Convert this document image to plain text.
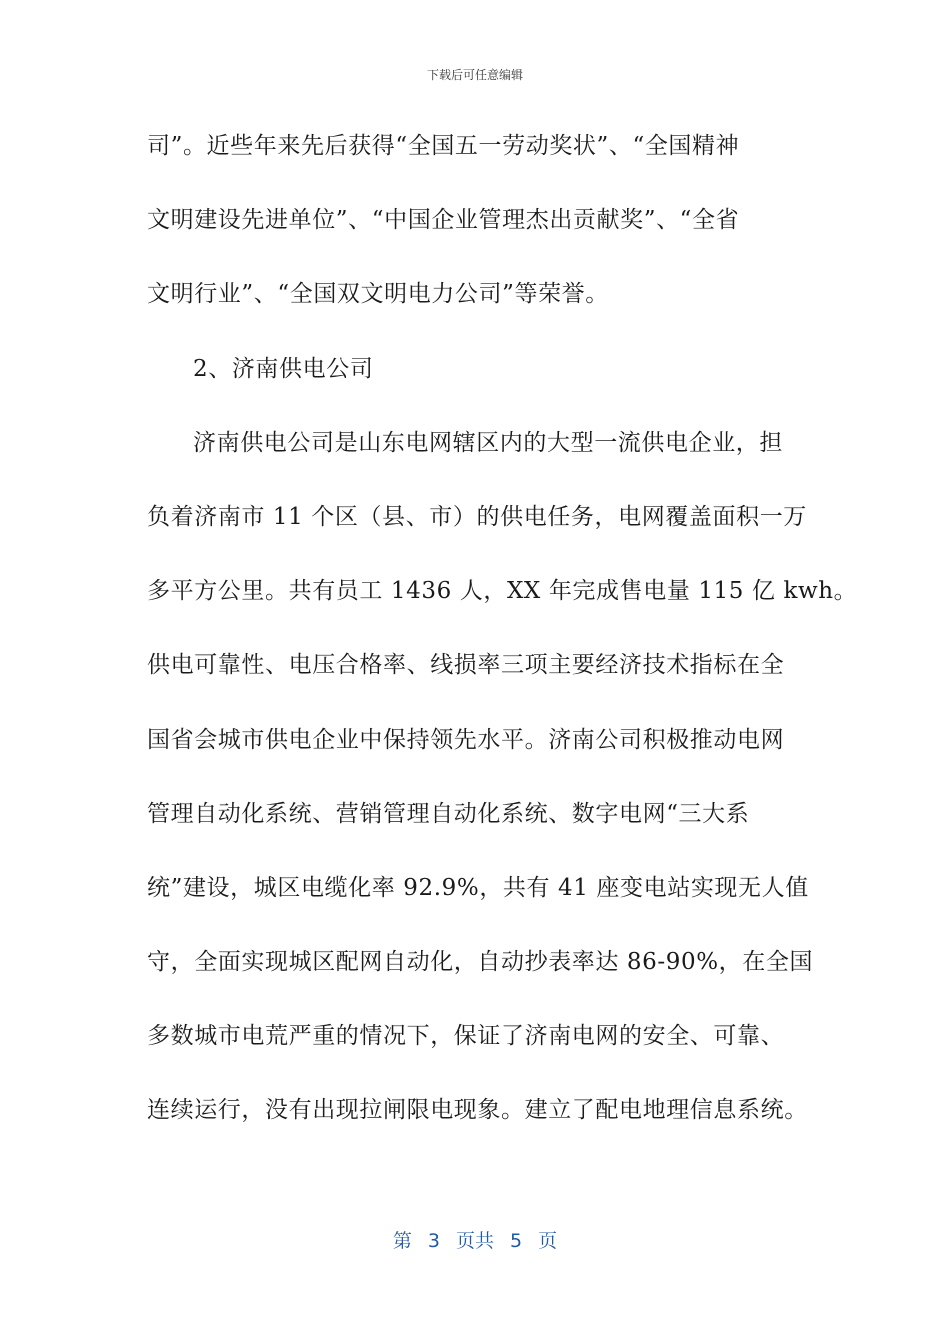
下载后可任意编辑
司”。近些年来先后获得“全国五一劳动奖状”、“全国精神
文明建设先进单位”、“中国企业管理杰出贡献奖”、“全省
文明行业”、“全国双文明电力公司”等荣誉。
2、济南供电公司
济南供电公司是山东电网辖区内的大型一流供电企业，担
负着济南市 11 个区（县、市）的供电任务，电网覆盖面积一万
多平方公里。共有员工 1436 人，XX 年完成售电量 115 亿 kwh。
供电可靠性、电压合格率、线损率三项主要经济技术指标在全
国省会城市供电企业中保持领先水平。济南公司积极推动电网
管理自动化系统、营销管理自动化系统、数字电网“三大系
统”建设，城区电缆化率 92.9%，共有 41 座变电站实现无人值
守，全面实现城区配网自动化，自动抄表率达 86-90%，在全国
多数城市电荒严重的情况下，保证了济南电网的安全、可靠、
连续运行，没有出现拉闸限电现象。建立了配电地理信息系统。
第 3 页共 5 页
